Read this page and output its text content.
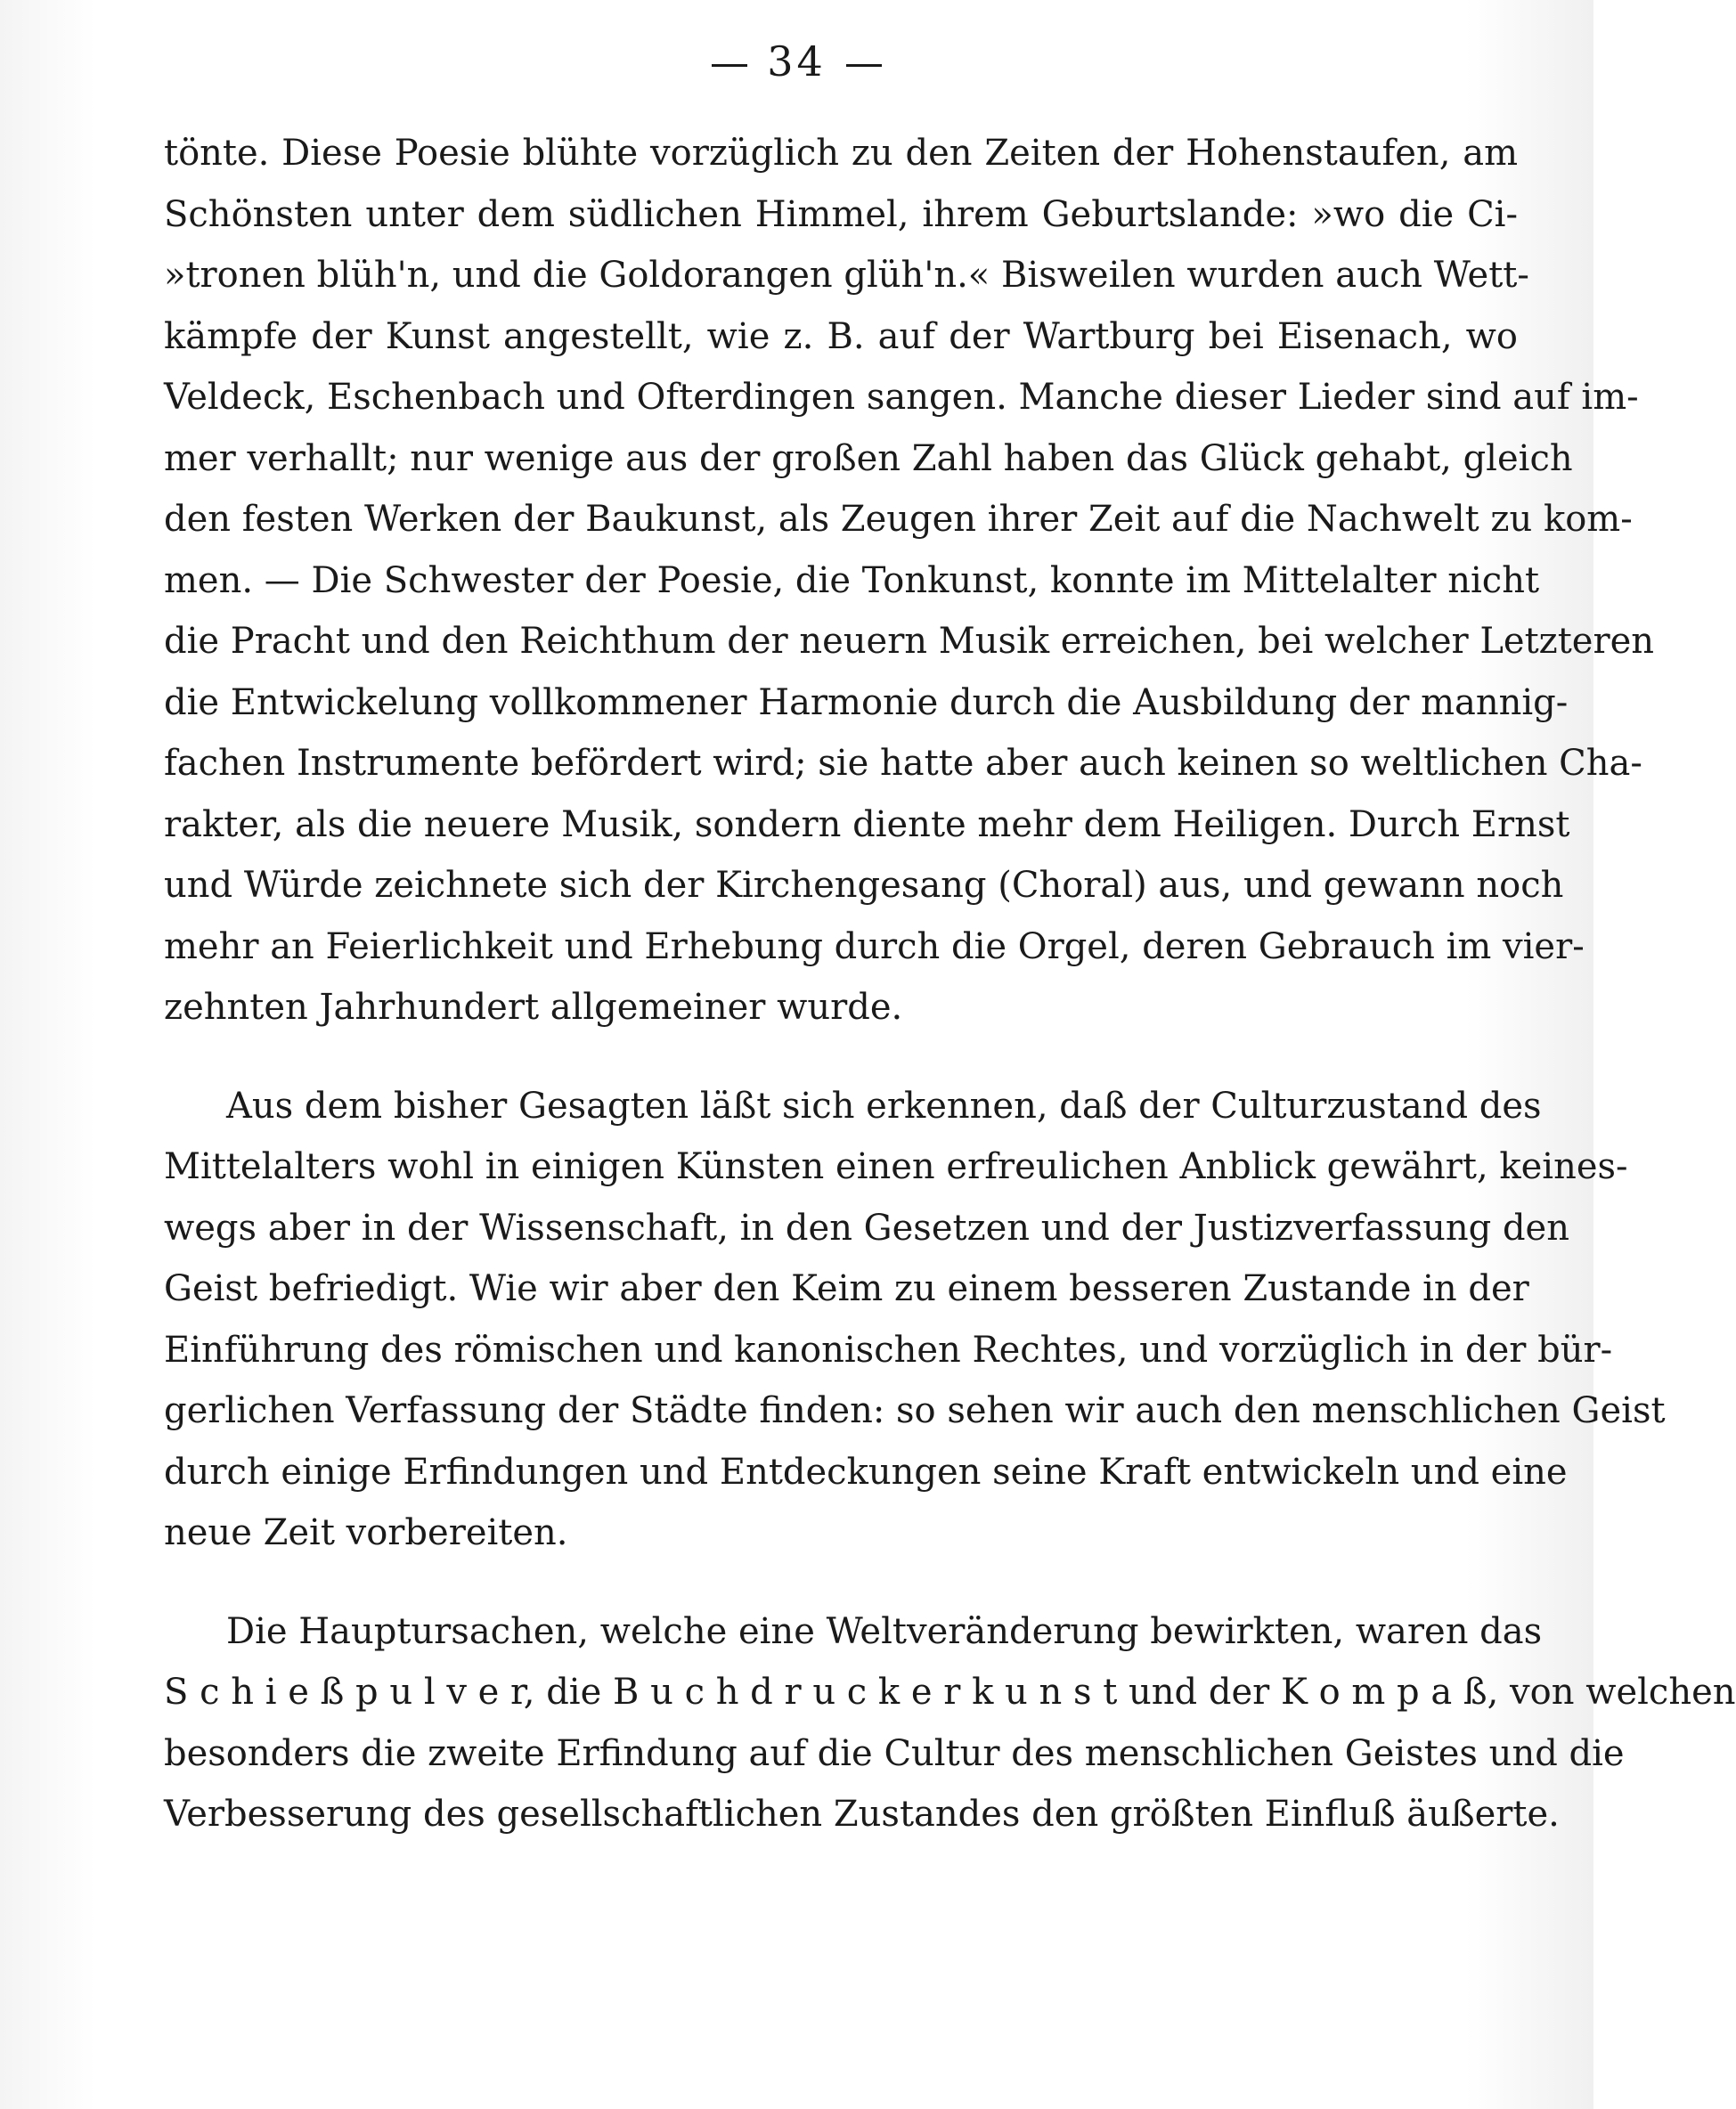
34
tönte. Diese Poesie blühte vorzüglich zu den Zeiten der Hohenstaufen, am
Schönsten unter dem südlichen Himmel, ihrem Geburtslande: »wo die Ci-
»tronen blüh'n, und die Goldorangen glüh'n.« Bisweilen wurden auch Wett-
kämpfe der Kunst angestellt, wie z. B. auf der Wartburg bei Eisenach, wo
Veldeck, Eschenbach und Ofterdingen sangen. Manche dieser Lieder sind auf im-
mer verhallt; nur wenige aus der großen Zahl haben das Glück gehabt, gleich
den festen Werken der Baukunst, als Zeugen ihrer Zeit auf die Nachwelt zu kom-
men. — Die Schwester der Poesie, die Tonkunst, konnte im Mittelalter nicht
die Pracht und den Reichthum der neuern Musik erreichen, bei welcher Letzteren
die Entwickelung vollkommener Harmonie durch die Ausbildung der mannig-
fachen Instrumente befördert wird; sie hatte aber auch keinen so weltlichen Cha-
rakter, als die neuere Musik, sondern diente mehr dem Heiligen. Durch Ernst
und Würde zeichnete sich der Kirchengesang (Choral) aus, und gewann noch
mehr an Feierlichkeit und Erhebung durch die Orgel, deren Gebrauch im vier-
zehnten Jahrhundert allgemeiner wurde.
Aus dem bisher Gesagten läßt sich erkennen, daß der Culturzustand des
Mittelalters wohl in einigen Künsten einen erfreulichen Anblick gewährt, keines-
wegs aber in der Wissenschaft, in den Gesetzen und der Justizverfassung den
Geist befriedigt. Wie wir aber den Keim zu einem besseren Zustande in der
Einführung des römischen und kanonischen Rechtes, und vorzüglich in der bür-
gerlichen Verfassung der Städte finden: so sehen wir auch den menschlichen Geist
durch einige Erfindungen und Entdeckungen seine Kraft entwickeln und eine
neue Zeit vorbereiten.
Die Hauptursachen, welche eine Weltveränderung bewirkten, waren das
S c h i e ß p u l v e r, die B u c h d r u c k e r k u n s t und der K o m p a ß, von welchen
besonders die zweite Erfindung auf die Cultur des menschlichen Geistes und die
Verbesserung des gesellschaftlichen Zustandes den größten Einfluß äußerte.
